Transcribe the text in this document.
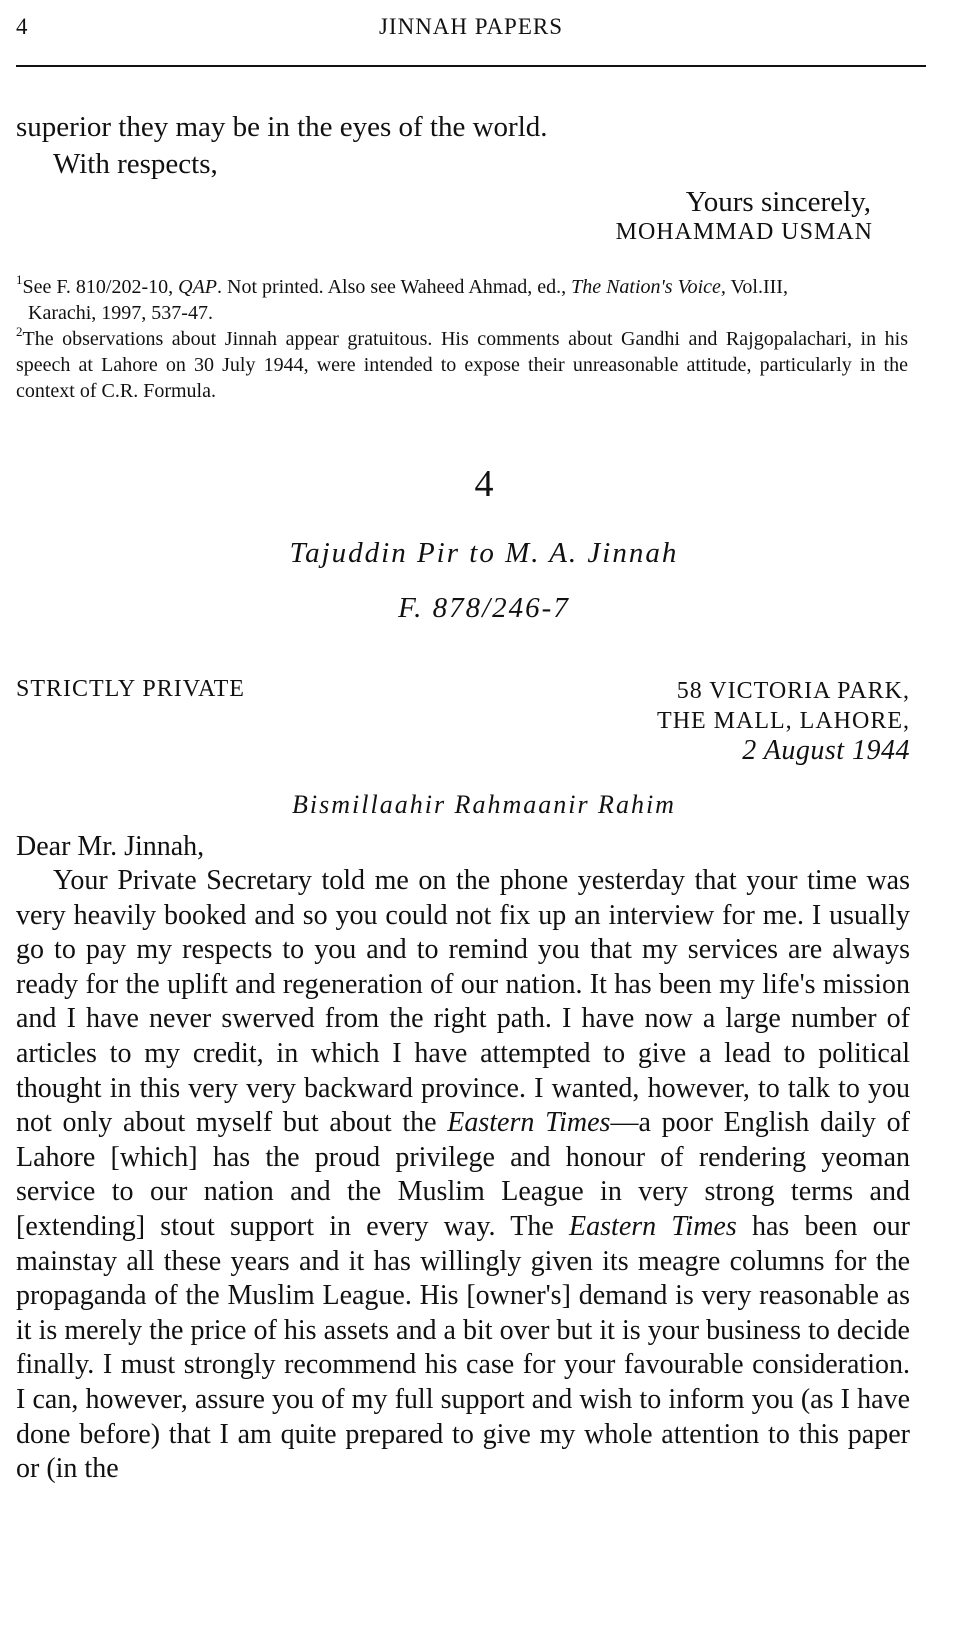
4	JINNAH PAPERS
superior they may be in the eyes of the world.
With respects,
Yours sincerely,
MOHAMMAD USMAN
$^1$See F. 810/202-10, QAP. Not printed. Also see Waheed Ahmad, ed., The Nation's Voice, Vol.III,
Karachi, 1997, 537-47.
$^2$The observations about Jinnah appear gratuitous. His comments about Gandhi and Rajgopalachari, in his speech at Lahore on 30 July 1944, were intended to expose their unreasonable attitude, particularly in the context of C.R. Formula.
4
Tajuddin Pir to M. A. Jinnah
F. 878/246-7
STRICTLY PRIVATE	58 VICTORIA PARK,
THE MALL, LAHORE,
2 August 1944
Bismillaahir Rahmaanir Rahim
Dear Mr. Jinnah,

Your Private Secretary told me on the phone yesterday that your time was very heavily booked and so you could not fix up an interview for me. I usually go to pay my respects to you and to remind you that my services are always ready for the uplift and regeneration of our nation. It has been my life's mission and I have never swerved from the right path. I have now a large number of articles to my credit, in which I have attempted to give a lead to political thought in this very very backward province. I wanted, however, to talk to you not only about myself but about the Eastern Times—a poor English daily of Lahore [which] has the proud privilege and honour of rendering yeoman service to our nation and the Muslim League in very strong terms and [extending] stout support in every way. The Eastern Times has been our mainstay all these years and it has willingly given its meagre columns for the propaganda of the Muslim League. His [owner's] demand is very reasonable as it is merely the price of his assets and a bit over but it is your business to decide finally. I must strongly recommend his case for your favourable consideration. I can, however, assure you of my full support and wish to inform you (as I have done before) that I am quite prepared to give my whole attention to this paper or (in the
